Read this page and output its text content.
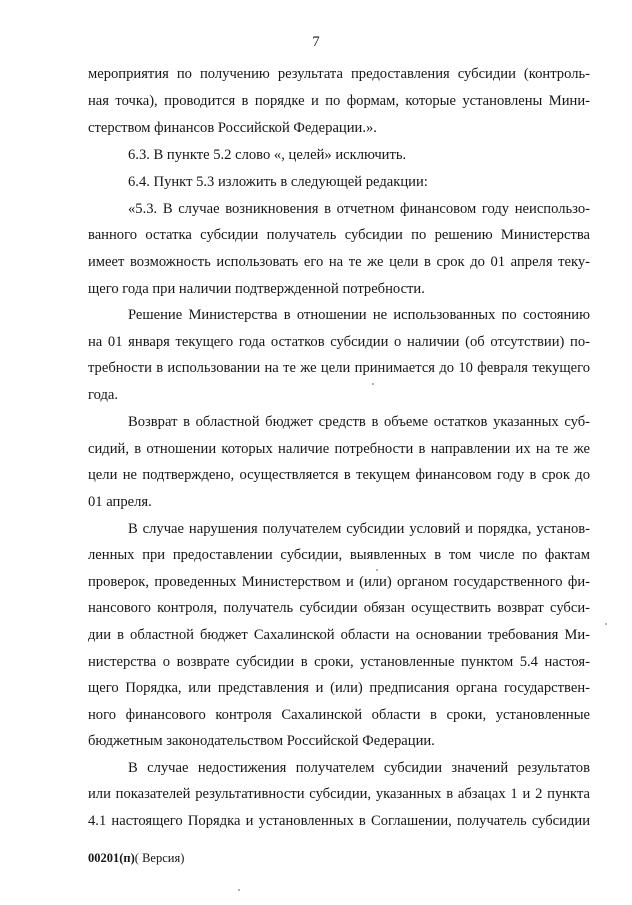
7
мероприятия по получению результата предоставления субсидии (контроль-
ная точка), проводится в порядке и по формам, которые установлены Мини-
стерством финансов Российской Федерации.».
6.3. В пункте 5.2 слово «, целей» исключить.
6.4. Пункт 5.3 изложить в следующей редакции:
«5.3. В случае возникновения в отчетном финансовом году неиспользо-
ванного остатка субсидии получатель субсидии по решению Министерства
имеет возможность использовать его на те же цели в срок до 01 апреля теку-
щего года при наличии подтвержденной потребности.
Решение Министерства в отношении не использованных по состоянию
на 01 января текущего года остатков субсидии о наличии (об отсутствии) по-
требности в использовании на те же цели принимается до 10 февраля текущего
года.
Возврат в областной бюджет средств в объеме остатков указанных суб-
сидий, в отношении которых наличие потребности в направлении их на те же
цели не подтверждено, осуществляется в текущем финансовом году в срок до
01 апреля.
В случае нарушения получателем субсидии условий и порядка, установ-
ленных при предоставлении субсидии, выявленных в том числе по фактам
проверок, проведенных Министерством и (или) органом государственного фи-
нансового контроля, получатель субсидии обязан осуществить возврат субси-
дии в областной бюджет Сахалинской области на основании требования Ми-
нистерства о возврате субсидии в сроки, установленные пунктом 5.4 настоя-
щего Порядка, или представления и (или) предписания органа государствен-
ного финансового контроля Сахалинской области в сроки, установленные
бюджетным законодательством Российской Федерации.
В случае недостижения получателем субсидии значений результатов
или показателей результативности субсидии, указанных в абзацах 1 и 2 пункта
4.1 настоящего Порядка и установленных в Соглашении, получатель субсидии
00201(п)( Версия)
